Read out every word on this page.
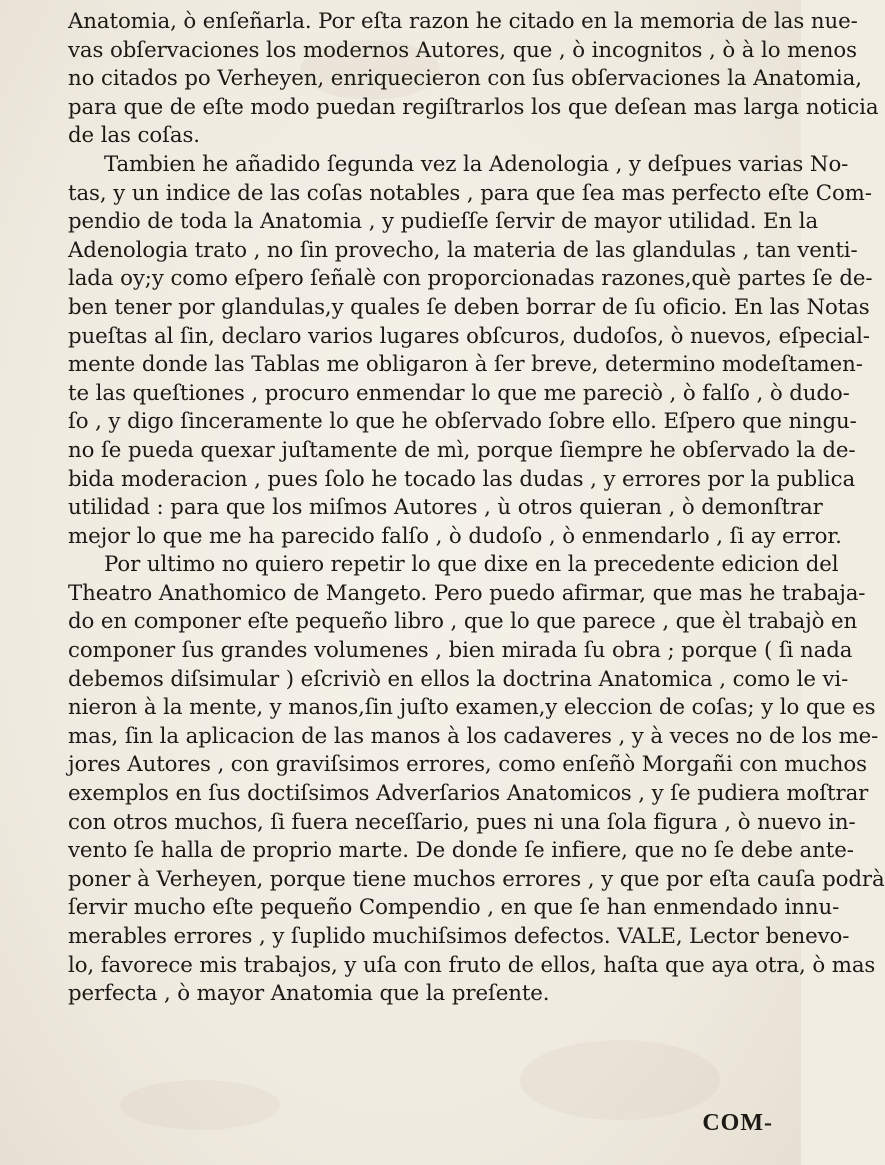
Anatomia, ò enſeñarla. Por eſta razon he citado en la memoria de las nue-
vas obſervaciones los modernos Autores, que , ò incognitos , ò à lo menos
no citados po Verheyen, enriquecieron con ſus obſervaciones la Anatomia,
para que de eſte modo puedan regiſtrarlos los que deſean mas larga noticia
de las coſas.

Tambien he añadido ſegunda vez la Adenologia , y deſpues varias No-
tas, y un indice de las coſas notables , para que ſea mas perfecto eſte Com-
pendio de toda la Anatomia , y pudieſſe ſervir de mayor utilidad. En la
Adenologia trato , no ſin provecho, la materia de las glandulas , tan venti-
lada oy;y como eſpero ſeñalè con proporcionadas razones,què partes ſe de-
ben tener por glandulas,y quales ſe deben borrar de ſu oficio. En las Notas
pueſtas al ſin, declaro varios lugares obſcuros, dudoſos, ò nuevos, eſpecial-
mente donde las Tablas me obligaron à ſer breve, determino modeſtamen-
te las queſtiones , procuro enmendar lo que me pareciò , ò falſo , ò dudo-
ſo , y digo ſinceramente lo que he obſervado ſobre ello. Eſpero que ningu-
no ſe pueda quexar juſtamente de mì, porque ſiempre he obſervado la de-
bida moderacion , pues ſolo he tocado las dudas , y errores por la publica
utilidad : para que los miſmos Autores , ù otros quieran , ò demonſtrar
mejor lo que me ha parecido falſo , ò dudoſo , ò enmendarlo , ſi ay error.

Por ultimo no quiero repetir lo que dixe en la precedente edicion del
Theatro Anathomico de Mangeto. Pero puedo afirmar, que mas he trabaja-
do en componer eſte pequeño libro , que lo que parece , que èl trabajò en
componer ſus grandes volumenes , bien mirada ſu obra ; porque ( ſi nada
debemos diſsimular ) eſcriviò en ellos la doctrina Anatomica , como le vi-
nieron à la mente, y manos,ſin juſto examen,y eleccion de coſas; y lo que es
mas, ſin la aplicacion de las manos à los cadaveres , y à veces no de los me-
jores Autores , con graviſsimos errores, como enſeñò Morgañi con muchos
exemplos en ſus doctiſsimos Adverſarios Anatomicos , y ſe pudiera moſtrar
con otros muchos, ſi fuera neceſſario, pues ni una ſola figura , ò nuevo in-
vento ſe halla de proprio marte. De donde ſe infiere, que no ſe debe ante-
poner à Verheyen, porque tiene muchos errores , y que por eſta cauſa podrà
ſervir mucho eſte pequeño Compendio , en que ſe han enmendado innu-
merables errores , y ſuplido muchiſsimos defectos. VALE, Lector benevo-
lo, favorece mis trabajos, y uſa con fruto de ellos, haſta que aya otra, ò mas
perfecta , ò mayor Anatomia que la preſente.

COM-
